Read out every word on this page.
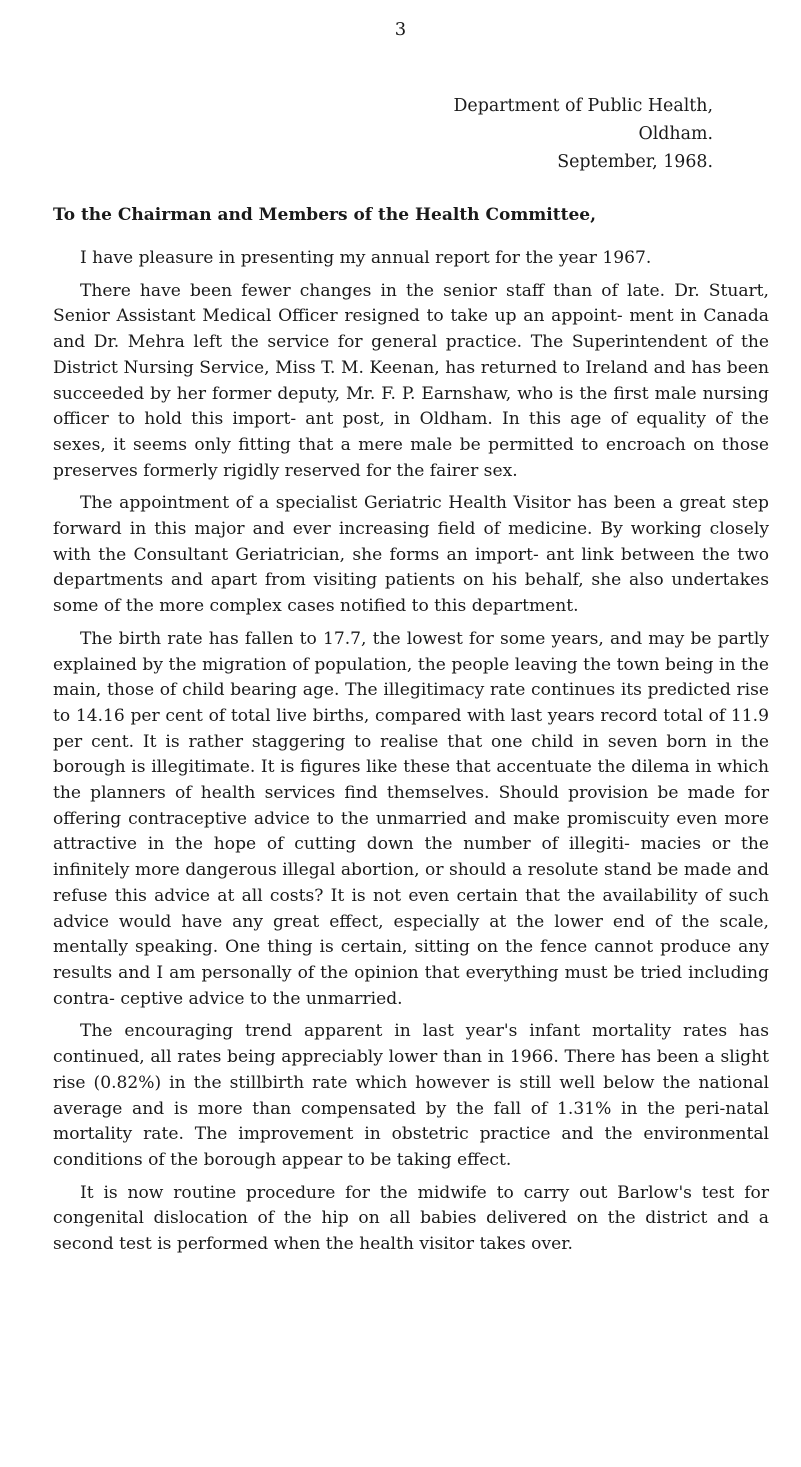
3
Department of Public Health,
Oldham.
September, 1968.
To the Chairman and Members of the Health Committee,

I have pleasure in presenting my annual report for the year 1967.

There have been fewer changes in the senior staff than of late. Dr. Stuart, Senior Assistant Medical Officer resigned to take up an appoint- ment in Canada and Dr. Mehra left the service for general practice. The Superintendent of the District Nursing Service, Miss T. M. Keenan, has returned to Ireland and has been succeeded by her former deputy, Mr. F. P. Earnshaw, who is the first male nursing officer to hold this import- ant post, in Oldham. In this age of equality of the sexes, it seems only fitting that a mere male be permitted to encroach on those preserves formerly rigidly reserved for the fairer sex.

The appointment of a specialist Geriatric Health Visitor has been a great step forward in this major and ever increasing field of medicine. By working closely with the Consultant Geriatrician, she forms an import- ant link between the two departments and apart from visiting patients on his behalf, she also undertakes some of the more complex cases notified to this department.

The birth rate has fallen to 17.7, the lowest for some years, and may be partly explained by the migration of population, the people leaving the town being in the main, those of child bearing age. The illegitimacy rate continues its predicted rise to 14.16 per cent of total live births, compared with last years record total of 11.9 per cent. It is rather staggering to realise that one child in seven born in the borough is illegitimate. It is figures like these that accentuate the dilema in which the planners of health services find themselves. Should provision be made for offering contraceptive advice to the unmarried and make promiscuity even more attractive in the hope of cutting down the number of illegiti- macies or the infinitely more dangerous illegal abortion, or should a resolute stand be made and refuse this advice at all costs? It is not even certain that the availability of such advice would have any great effect, especially at the lower end of the scale, mentally speaking. One thing is certain, sitting on the fence cannot produce any results and I am personally of the opinion that everything must be tried including contra- ceptive advice to the unmarried.

The encouraging trend apparent in last year's infant mortality rates has continued, all rates being appreciably lower than in 1966. There has been a slight rise (0.82%) in the stillbirth rate which however is still well below the national average and is more than compensated by the fall of 1.31% in the peri-natal mortality rate. The improvement in obstetric practice and the environmental conditions of the borough appear to be taking effect.

It is now routine procedure for the midwife to carry out Barlow's test for congenital dislocation of the hip on all babies delivered on the district and a second test is performed when the health visitor takes over.
